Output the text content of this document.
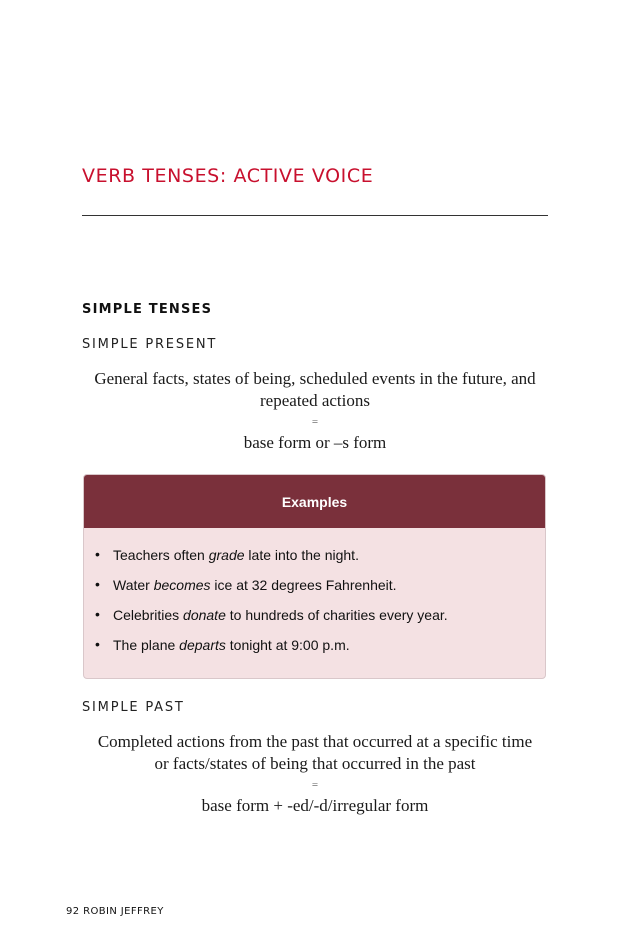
VERB TENSES: ACTIVE VOICE
SIMPLE TENSES
SIMPLE PRESENT
General facts, states of being, scheduled events in the future, and
repeated actions
=
base form or –s form
Examples
• Teachers often grade late into the night.
• Water becomes ice at 32 degrees Fahrenheit.
• Celebrities donate to hundreds of charities every year.
• The plane departs tonight at 9:00 p.m.
SIMPLE PAST
Completed actions from the past that occurred at a specific time
or facts/states of being that occurred in the past
=
base form + -ed/-d/irregular form
92 ROBIN JEFFREY
